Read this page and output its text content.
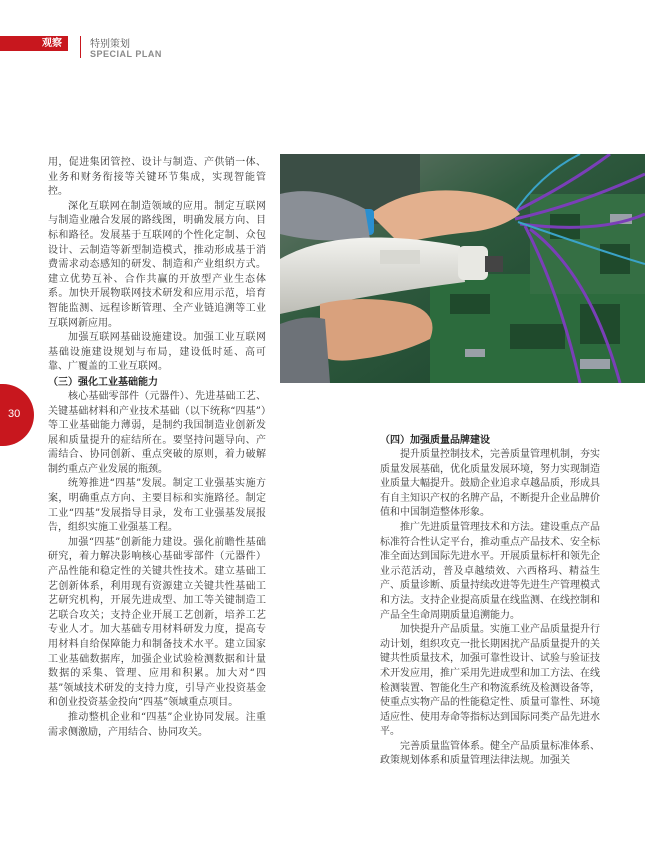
观察	特别策划
SPECIAL PLAN
30

用，促进集团管控、设计与制造、产供销一体、业务和财务衔接等关键环节集成，实现智能管控。

深化互联网在制造领域的应用。制定互联网与制造业融合发展的路线图，明确发展方向、目标和路径。发展基于互联网的个性化定制、众包设计、云制造等新型制造模式，推动形成基于消费需求动态感知的研发、制造和产业组织方式。建立优势互补、合作共赢的开放型产业生态体系。加快开展物联网技术研发和应用示范，培育智能监测、远程诊断管理、全产业链追溯等工业互联网新应用。

加强互联网基础设施建设。加强工业互联网基础设施建设规划与布局，建设低时延、高可靠、广覆盖的工业互联网。

（三）强化工业基础能力

核心基础零部件（元器件）、先进基础工艺、关键基础材料和产业技术基础（以下统称“四基”）等工业基础能力薄弱，是制约我国制造业创新发展和质量提升的症结所在。要坚持问题导向、产需结合、协同创新、重点突破的原则，着力破解制约重点产业发展的瓶颈。

统筹推进“四基”发展。制定工业强基实施方案，明确重点方向、主要目标和实施路径。制定工业“四基”发展指导目录，发布工业强基发展报告，组织实施工业强基工程。

加强“四基”创新能力建设。强化前瞻性基础研究，着力解决影响核心基础零部件（元器件）产品性能和稳定性的关键共性技术。建立基础工艺创新体系，利用现有资源建立关键共性基础工艺研究机构，开展先进成型、加工等关键制造工艺联合攻关；支持企业开展工艺创新，培养工艺专业人才。加大基础专用材料研发力度，提高专用材料自给保障能力和制备技术水平。建立国家工业基础数据库，加强企业试验检测数据和计量数据的采集、管理、应用和积累。加大对“四基”领域技术研发的支持力度，引导产业投资基金和创业投资基金投向“四基”领域重点项目。

推动整机企业和“四基”企业协同发展。注重需求侧激励，产用结合、协同攻关。

（四）加强质量品牌建设

提升质量控制技术，完善质量管理机制，夯实质量发展基础，优化质量发展环境，努力实现制造业质量大幅提升。鼓励企业追求卓越品质，形成具有自主知识产权的名牌产品，不断提升企业品牌价值和中国制造整体形象。

推广先进质量管理技术和方法。建设重点产品标准符合性认定平台，推动重点产品技术、安全标准全面达到国际先进水平。开展质量标杆和领先企业示范活动，普及卓越绩效、六西格玛、精益生产、质量诊断、质量持续改进等先进生产管理模式和方法。支持企业提高质量在线监测、在线控制和产品全生命周期质量追溯能力。

加快提升产品质量。实施工业产品质量提升行动计划，组织攻克一批长期困扰产品质量提升的关键共性质量技术，加强可靠性设计、试验与验证技术开发应用，推广采用先进成型和加工方法、在线检测装置、智能化生产和物流系统及检测设备等，使重点实物产品的性能稳定性、质量可靠性、环境适应性、使用寿命等指标达到国际同类产品先进水平。

完善质量监管体系。健全产品质量标准体系、政策规划体系和质量管理法律法规。加强关
